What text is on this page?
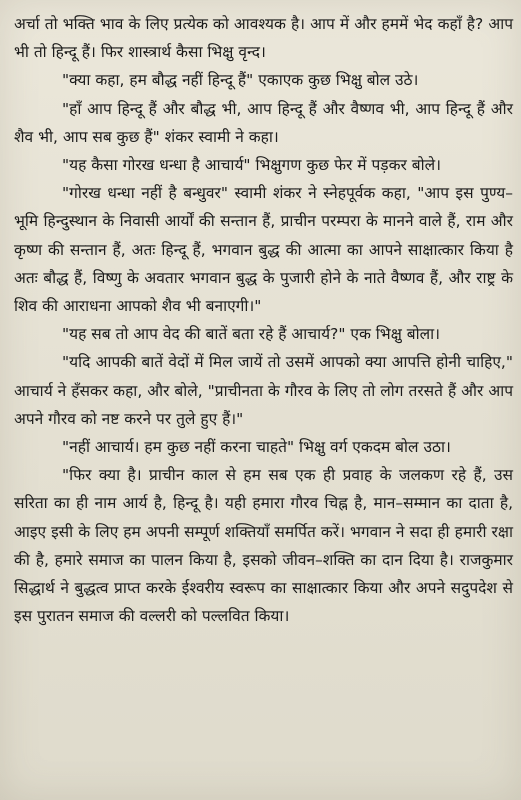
अर्चा तो भक्ति भाव के लिए प्रत्येक को आवश्यक है। आप में और हममें भेद कहाँ है? आप भी तो हिन्दू हैं। फिर शास्त्रार्थ कैसा भिक्षु वृन्द।

"क्या कहा, हम बौद्ध नहीं हिन्दू हैं" एकाएक कुछ भिक्षु बोल उठे।

"हाँ आप हिन्दू हैं और बौद्ध भी, आप हिन्दू हैं और वैष्णव भी, आप हिन्दू हैं और शैव भी, आप सब कुछ हैं" शंकर स्वामी ने कहा।

"यह कैसा गोरख धन्धा है आचार्य" भिक्षुगण कुछ फेर में पड़कर बोले।

"गोरख धन्धा नहीं है बन्धुवर" स्वामी शंकर ने स्नेहपूर्वक कहा, "आप इस पुण्य–भूमि हिन्दुस्थान के निवासी आर्यों की सन्तान हैं, प्राचीन परम्परा के मानने वाले हैं, राम और कृष्ण की सन्तान हैं, अतः हिन्दू हैं, भगवान बुद्ध की आत्मा का आपने साक्षात्कार किया है अतः बौद्ध हैं, विष्णु के अवतार भगवान बुद्ध के पुजारी होने के नाते वैष्णव हैं, और राष्ट्र के शिव की आराधना आपको शैव भी बनाएगी।"

"यह सब तो आप वेद की बातें बता रहे हैं आचार्य?" एक भिक्षु बोला।

"यदि आपकी बातें वेदों में मिल जायें तो उसमें आपको क्या आपत्ति होनी चाहिए," आचार्य ने हँसकर कहा, और बोले, "प्राचीनता के गौरव के लिए तो लोग तरसते हैं और आप अपने गौरव को नष्ट करने पर तुले हुए हैं।"

"नहीं आचार्य। हम कुछ नहीं करना चाहते" भिक्षु वर्ग एकदम बोल उठा।

"फिर क्या है। प्राचीन काल से हम सब एक ही प्रवाह के जलकण रहे हैं, उस सरिता का ही नाम आर्य है, हिन्दू है। यही हमारा गौरव चिह्न है, मान–सम्मान का दाता है, आइए इसी के लिए हम अपनी सम्पूर्ण शक्तियाँ समर्पित करें। भगवान ने सदा ही हमारी रक्षा की है, हमारे समाज का पालन किया है, इसको जीवन–शक्ति का दान दिया है। राजकुमार सिद्धार्थ ने बुद्धत्व प्राप्त करके ईश्वरीय स्वरूप का साक्षात्कार किया और अपने सदुपदेश से इस पुरातन समाज की वल्लरी को पल्लवित किया।
